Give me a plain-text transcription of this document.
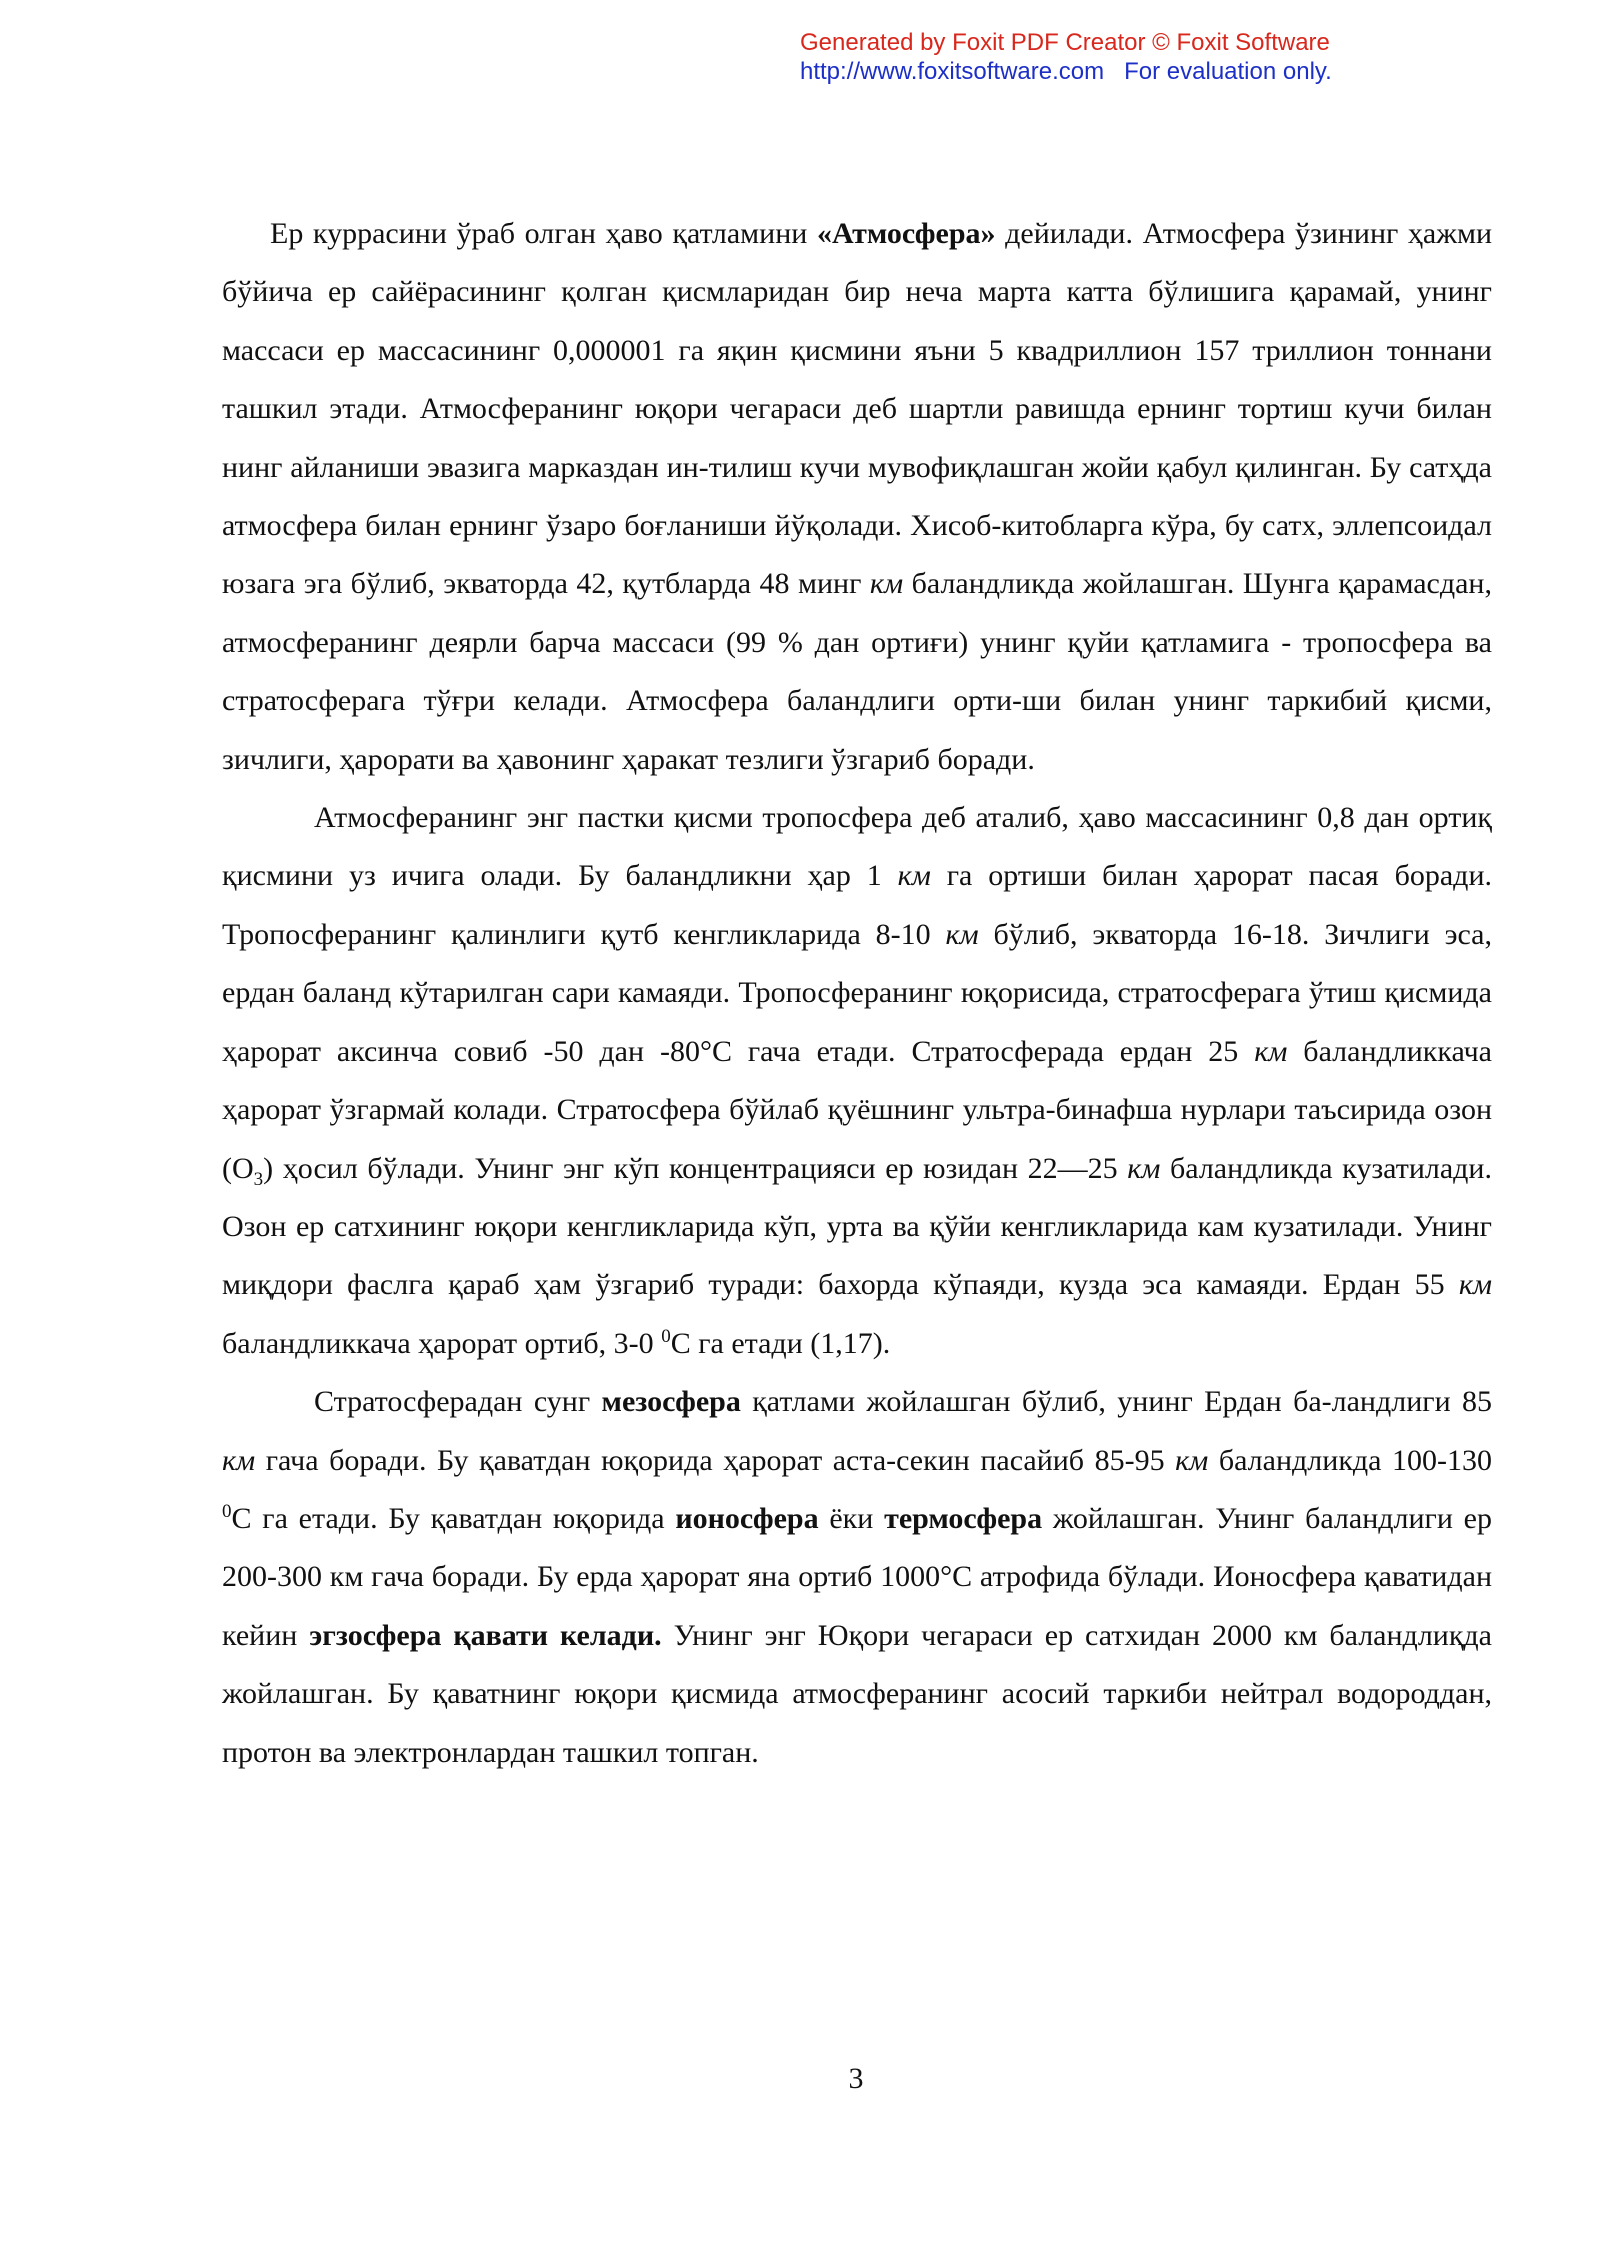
Generated by Foxit PDF Creator © Foxit Software
http://www.foxitsoftware.com For evaluation only.

Ер куррасини ўраб олган ҳаво қатламини «Атмосфера» дейилади. Атмосфера ўзининг ҳажми бўйича ер сайёрасининг қолган қисмларидан бир неча марта катта бўлишига қарамай, унинг массаси ер массасининг 0,000001 га яқин қисмини яъни 5 квадриллион 157 триллион тоннани ташкил этади. Атмосферанинг юқори чегараси деб шартли равишда ернинг тортиш кучи билан нинг айланиши эвазига марказдан ин-тилиш кучи мувофиқлашган жойи қабул қилинган. Бу сатҳда атмосфера билан ернинг ўзаро боғланиши йўқолади. Хисоб-китобларга кўра, бу сатх, эллепсоидал юзага эга бўлиб, экваторда 42, қутбларда 48 минг км баландликда жойлашган. Шунга қарамасдан, атмосферанинг деярли барча массаси (99 % дан ортиғи) унинг қуйи қатламига - тропосфера ва стратосферага тўғри келади. Атмосфера баландлиги орти-ши билан унинг таркибий қисми, зичлиги, ҳарорати ва ҳавонинг ҳаракат тезлиги ўзгариб боради.

Атмосферанинг энг пастки қисми тропосфера деб аталиб, ҳаво массасининг 0,8 дан ортиқ қисмини уз ичига олади. Бу баландликни ҳар 1 км га ортиши билан ҳарорат пасая боради. Тропосферанинг қалинлиги қутб кенгликларида 8-10 км бўлиб, экваторда 16-18. Зичлиги эса, ердан баланд кўтарилган сари камаяди. Тропосферанинг юқорисида, стратосферага ўтиш қисмида ҳарорат аксинча совиб -50 дан -80°С гача етади. Стратосферада ердан 25 км баландликкача ҳарорат ўзгармай колади. Стратосфера бўйлаб қуёшнинг ультра-бинафша нурлари таъсирида озон $(О_3)$ ҳосил бўлади. Унинг энг кўп концентрацияси ер юзидан 22—25 км баландликда кузатилади. Озон ер сатхининг юқори кенгликларида кўп, урта ва қўйи кенгликларида кам кузатилади. Унинг миқдори фаслга қараб ҳам ўзгариб туради: бахорда кўпаяди, кузда эса камаяди. Ердан 55 км баландликкача ҳарорат ортиб, 3-0 $^0$С га етади (1,17).

Стратосферадан сунг мезосфера қатлами жойлашган бўлиб, унинг Ердан ба-ландлиги 85 км гача боради. Бу қаватдан юқорида ҳарорат аста-секин пасайиб 85-95 км баландликда 100-130 $^0$С га етади. Бу қаватдан юқорида ионосфера ёки термосфера жойлашган. Унинг баландлиги ер 200-300 км гача боради. Бу ерда ҳарорат яна ортиб 1000°С атрофида бўлади. Ионосфера қаватидан кейин эгзосфера қавати келади. Унинг энг Юқори чегараси ер сатхидан 2000 км баландлиқда жойлашган. Бу қаватнинг юқори қисмида атмосферанинг асосий таркиби нейтрал водороддан, протон ва электронлардан ташкил топган.

3
